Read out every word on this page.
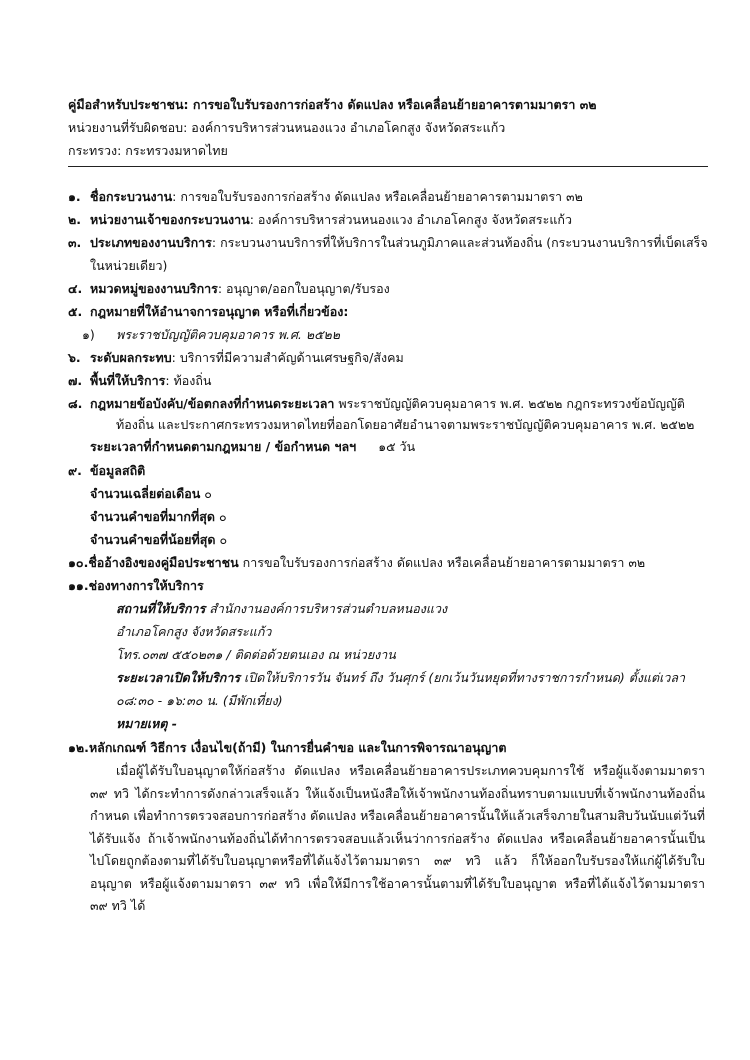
คู่มือสำหรับประชาชน: การขอใบรับรองการก่อสร้าง ดัดแปลง หรือเคลื่อนย้ายอาคารตามมาตรา ๓๒
หน่วยงานที่รับผิดชอบ: องค์การบริหารส่วนหนองแวง อำเภอโคกสูง จังหวัดสระแก้ว
กระทรวง: กระทรวงมหาดไทย
๑. ชื่อกระบวนงาน: การขอใบรับรองการก่อสร้าง ดัดแปลง หรือเคลื่อนย้ายอาคารตามมาตรา ๓๒
๒. หน่วยงานเจ้าของกระบวนงาน: องค์การบริหารส่วนหนองแวง อำเภอโคกสูง จังหวัดสระแก้ว
๓. ประเภทของงานบริการ: กระบวนงานบริการที่ให้บริการในส่วนภูมิภาคและส่วนท้องถิ่น (กระบวนงานบริการที่เบ็ดเสร็จ
ในหน่วยเดียว)
๔. หมวดหมู่ของงานบริการ: อนุญาต/ออกใบอนุญาต/รับรอง
๕. กฎหมายที่ให้อำนาจการอนุญาต หรือที่เกี่ยวข้อง:
๑) พระราชบัญญัติควบคุมอาคาร พ.ศ. ๒๕๒๒
๖. ระดับผลกระทบ: บริการที่มีความสำคัญด้านเศรษฐกิจ/สังคม
๗. พื้นที่ให้บริการ: ท้องถิ่น
๘. กฎหมายข้อบังคับ/ข้อตกลงที่กำหนดระยะเวลา พระราชบัญญัติควบคุมอาคาร พ.ศ. ๒๕๒๒ กฎกระทรวงข้อบัญญัติ
ท้องถิ่น และประกาศกระทรวงมหาดไทยที่ออกโดยอาศัยอำนาจตามพระราชบัญญัติควบคุมอาคาร พ.ศ. ๒๕๒๒
ระยะเวลาที่กำหนดตามกฎหมาย / ข้อกำหนด ฯลฯ ๑๕ วัน
๙. ข้อมูลสถิติ
จำนวนเฉลี่ยต่อเดือน ๐
จำนวนคำขอที่มากที่สุด ๐
จำนวนคำขอที่น้อยที่สุด ๐
๑๐.ชื่ออ้างอิงของคู่มือประชาชน การขอใบรับรองการก่อสร้าง ดัดแปลง หรือเคลื่อนย้ายอาคารตามมาตรา ๓๒
๑๑.ช่องทางการให้บริการ
สถานที่ให้บริการ สำนักงานองค์การบริหารส่วนตำบลหนองแวง
อำเภอโคกสูง จังหวัดสระแก้ว
โทร.๐๓๗ ๕๕๐๒๓๑ / ติดต่อด้วยตนเอง ณ หน่วยงาน
ระยะเวลาเปิดให้บริการ เปิดให้บริการวัน จันทร์ ถึง วันศุกร์ (ยกเว้นวันหยุดที่ทางราชการกำหนด) ตั้งแต่เวลา
๐๘:๓๐ - ๑๖:๓๐ น. (มีพักเที่ยง)
หมายเหตุ -
๑๒.หลักเกณฑ์ วิธีการ เงื่อนไข(ถ้ามี) ในการยื่นคำขอ และในการพิจารณาอนุญาต
เมื่อผู้ได้รับใบอนุญาตให้ก่อสร้าง ดัดแปลง หรือเคลื่อนย้ายอาคารประเภทควบคุมการใช้ หรือผู้แจ้งตามมาตรา ๓๙ ทวิ ได้กระทำการดังกล่าวเสร็จแล้ว ให้แจ้งเป็นหนังสือให้เจ้าพนักงานท้องถิ่นทราบตามแบบที่เจ้าพนักงานท้องถิ่นกำหนด เพื่อทำการตรวจสอบการก่อสร้าง ดัดแปลง หรือเคลื่อนย้ายอาคารนั้นให้แล้วเสร็จภายในสามสิบวันนับแต่วันที่ได้รับแจ้ง ถ้าเจ้าพนักงานท้องถิ่นได้ทำการตรวจสอบแล้วเห็นว่าการก่อสร้าง ดัดแปลง หรือเคลื่อนย้ายอาคารนั้นเป็นไปโดยถูกต้องตามที่ได้รับใบอนุญาตหรือที่ได้แจ้งไว้ตามมาตรา ๓๙ ทวิ แล้ว ก็ให้ออกใบรับรองให้แก่ผู้ได้รับใบอนุญาต หรือผู้แจ้งตามมาตรา ๓๙ ทวิ เพื่อให้มีการใช้อาคารนั้นตามที่ได้รับใบอนุญาต หรือที่ได้แจ้งไว้ตามมาตรา ๓๙ ทวิ ได้
